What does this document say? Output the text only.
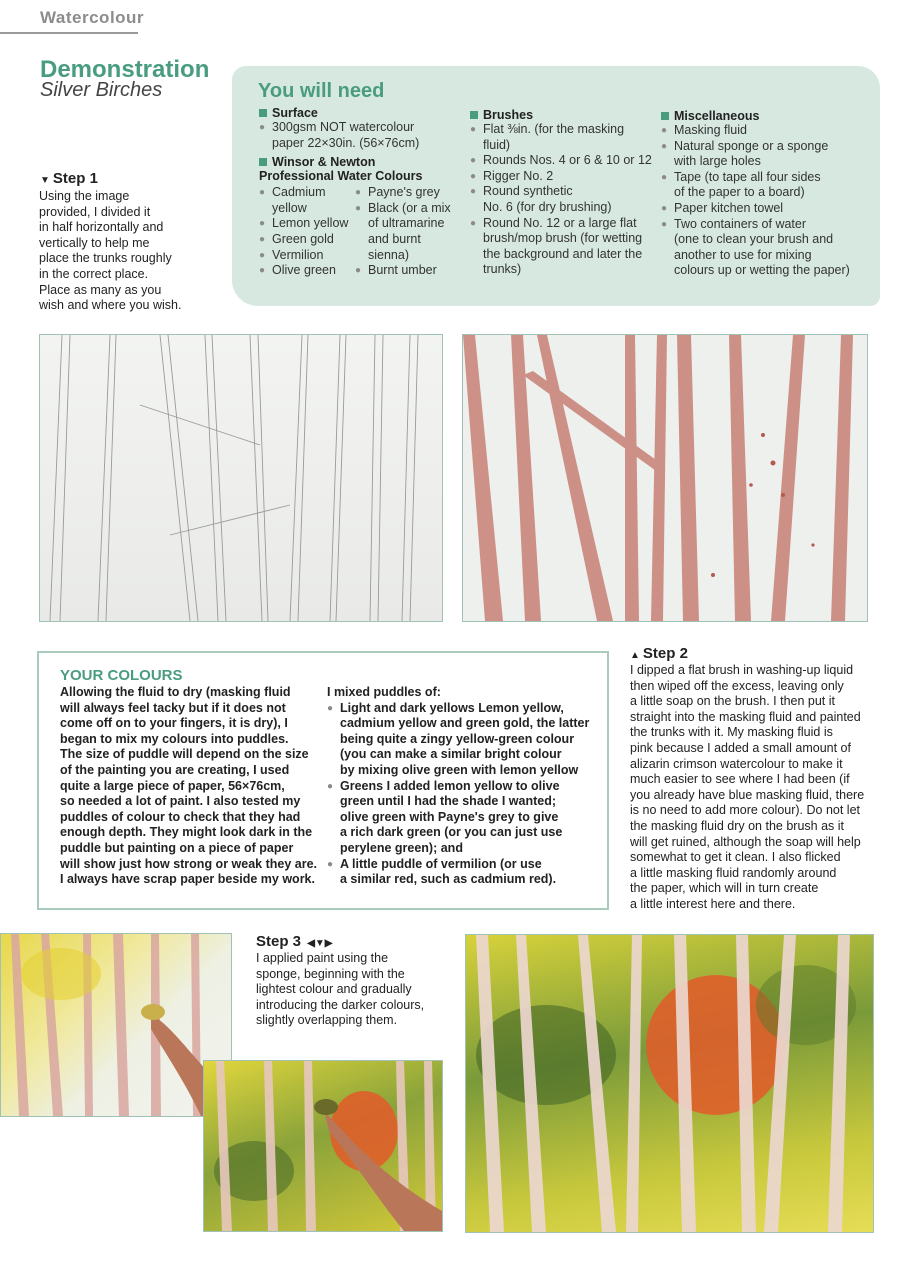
Watercolour
Demonstration
Silver Birches
▼ Step 1
Using the image
provided, I divided it
in half horizontally and
vertically to help me
place the trunks roughly
in the correct place.
Place as many as you
wish and where you wish.
You will need
Surface
● 300gsm NOT watercolour
paper 22×30in. (56×76cm)
Winsor & Newton
Professional Water Colours
● Cadmium
yellow
● Lemon yellow
● Green gold
● Vermilion
● Olive green
● Payne's grey
● Black (or a mix
of ultramarine
and burnt
sienna)
● Burnt umber
Brushes
● Flat ⅜in. (for the masking
fluid)
● Rounds Nos. 4 or 6 & 10 or 12
● Rigger No. 2
● Round synthetic
No. 6 (for dry brushing)
● Round No. 12 or a large flat
brush/mop brush (for wetting
the background and later the
trunks)
Miscellaneous
● Masking fluid
● Natural sponge or a sponge
with large holes
● Tape (to tape all four sides
of the paper to a board)
● Paper kitchen towel
● Two containers of water
(one to clean your brush and
another to use for mixing
colours up or wetting the paper)
YOUR COLOURS
Allowing the fluid to dry (masking fluid
will always feel tacky but if it does not
come off on to your fingers, it is dry), I
began to mix my colours into puddles.
The size of puddle will depend on the size
of the painting you are creating, I used
quite a large piece of paper, 56×76cm,
so needed a lot of paint. I also tested my
puddles of colour to check that they had
enough depth. They might look dark in the
puddle but painting on a piece of paper
will show just how strong or weak they are.
I always have scrap paper beside my work.
I mixed puddles of:
● Light and dark yellows Lemon yellow,
cadmium yellow and green gold, the latter
being quite a zingy yellow-green colour
(you can make a similar bright colour
by mixing olive green with lemon yellow
● Greens I added lemon yellow to olive
green until I had the shade I wanted;
olive green with Payne's grey to give
a rich dark green (or you can just use
perylene green); and
● A little puddle of vermilion (or use
a similar red, such as cadmium red).
▲ Step 2
I dipped a flat brush in washing-up liquid
then wiped off the excess, leaving only
a little soap on the brush. I then put it
straight into the masking fluid and painted
the trunks with it. My masking fluid is
pink because I added a small amount of
alizarin crimson watercolour to make it
much easier to see where I had been (if
you already have blue masking fluid, there
is no need to add more colour). Do not let
the masking fluid dry on the brush as it
will get ruined, although the soap will help
somewhat to get it clean. I also flicked
a little masking fluid randomly around
the paper, which will in turn create
a little interest here and there.
Step 3 ◀▼▶
I applied paint using the
sponge, beginning with the
lightest colour and gradually
introducing the darker colours,
slightly overlapping them.
